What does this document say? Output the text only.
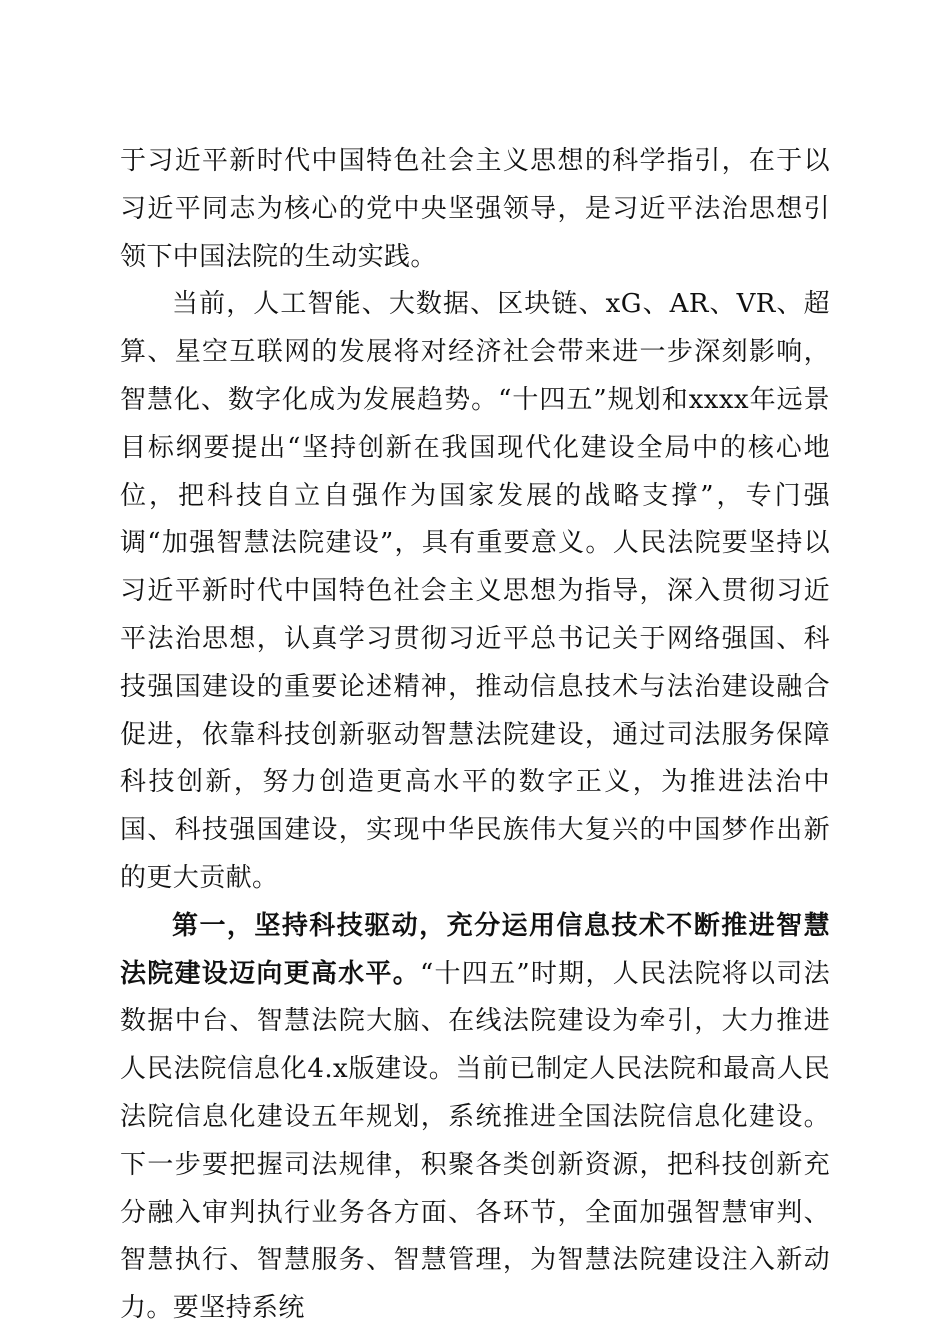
于习近平新时代中国特色社会主义思想的科学指引，在于以习近平同志为核心的党中央坚强领导，是习近平法治思想引领下中国法院的生动实践。

当前，人工智能、大数据、区块链、xG、AR、VR、超算、星空互联网的发展将对经济社会带来进一步深刻影响，智慧化、数字化成为发展趋势。“十四五”规划和xxxx年远景目标纲要提出“坚持创新在我国现代化建设全局中的核心地位，把科技自立自强作为国家发展的战略支撑”，专门强调“加强智慧法院建设”，具有重要意义。人民法院要坚持以习近平新时代中国特色社会主义思想为指导，深入贯彻习近平法治思想，认真学习贯彻习近平总书记关于网络强国、科技强国建设的重要论述精神，推动信息技术与法治建设融合促进，依靠科技创新驱动智慧法院建设，通过司法服务保障科技创新，努力创造更高水平的数字正义，为推进法治中国、科技强国建设，实现中华民族伟大复兴的中国梦作出新的更大贡献。

第一，坚持科技驱动，充分运用信息技术不断推进智慧法院建设迈向更高水平。“十四五”时期，人民法院将以司法数据中台、智慧法院大脑、在线法院建设为牵引，大力推进人民法院信息化4.x版建设。当前已制定人民法院和最高人民法院信息化建设五年规划，系统推进全国法院信息化建设。下一步要把握司法规律，积聚各类创新资源，把科技创新充分融入审判执行业务各方面、各环节，全面加强智慧审判、智慧执行、智慧服务、智慧管理，为智慧法院建设注入新动力。要坚持系统
